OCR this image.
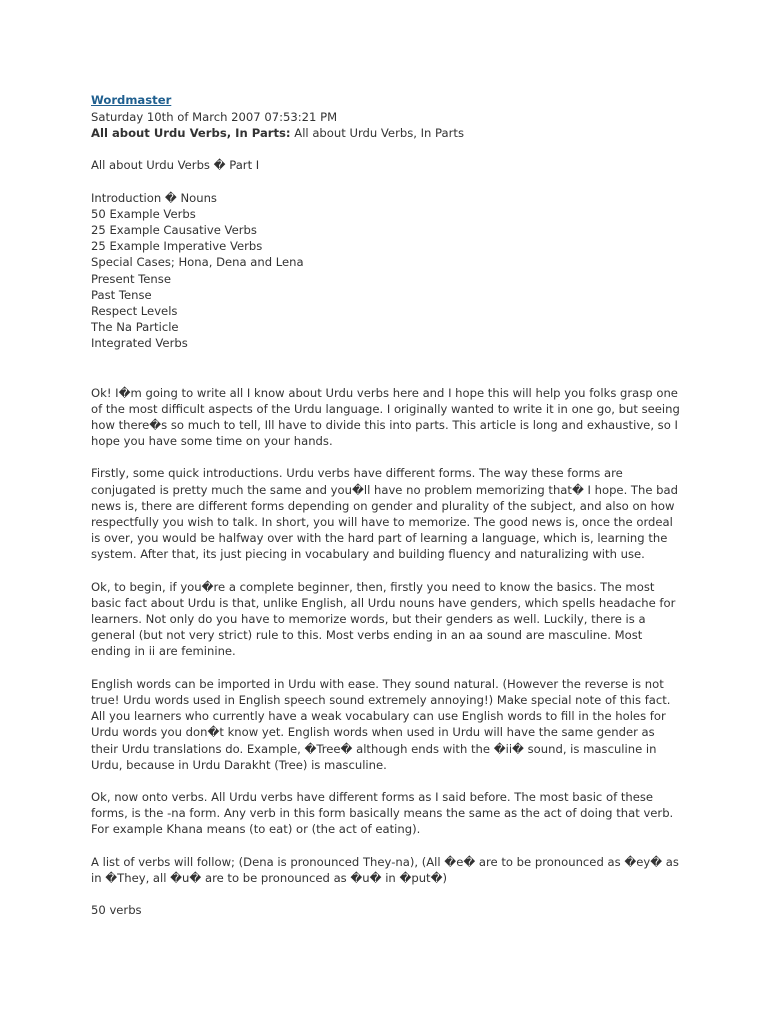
Wordmaster

Saturday 10th of March 2007 07:53:21 PM

All about Urdu Verbs, In Parts: All about Urdu Verbs, In Parts

All about Urdu Verbs � Part I

Introduction � Nouns
50 Example Verbs
25 Example Causative Verbs
25 Example Imperative Verbs
Special Cases; Hona, Dena and Lena
Present Tense
Past Tense
Respect Levels
The Na Particle
Integrated Verbs

Ok! I�m going to write all I know about Urdu verbs here and I hope this will help you folks grasp one of the most difficult aspects of the Urdu language. I originally wanted to write it in one go, but seeing how there�s so much to tell, Ill have to divide this into parts. This article is long and exhaustive, so I hope you have some time on your hands.

Firstly, some quick introductions. Urdu verbs have different forms. The way these forms are conjugated is pretty much the same and you�ll have no problem memorizing that� I hope. The bad news is, there are different forms depending on gender and plurality of the subject, and also on how respectfully you wish to talk. In short, you will have to memorize. The good news is, once the ordeal is over, you would be halfway over with the hard part of learning a language, which is, learning the system. After that, its just piecing in vocabulary and building fluency and naturalizing with use.

Ok, to begin, if you�re a complete beginner, then, firstly you need to know the basics. The most basic fact about Urdu is that, unlike English, all Urdu nouns have genders, which spells headache for learners. Not only do you have to memorize words, but their genders as well. Luckily, there is a general (but not very strict) rule to this. Most verbs ending in an aa sound are masculine. Most ending in ii are feminine.

English words can be imported in Urdu with ease. They sound natural. (However the reverse is not true! Urdu words used in English speech sound extremely annoying!) Make special note of this fact. All you learners who currently have a weak vocabulary can use English words to fill in the holes for Urdu words you don�t know yet. English words when used in Urdu will have the same gender as their Urdu translations do. Example, �Tree� although ends with the �ii� sound, is masculine in Urdu, because in Urdu Darakht (Tree) is masculine.

Ok, now onto verbs. All Urdu verbs have different forms as I said before. The most basic of these forms, is the -na form. Any verb in this form basically means the same as the act of doing that verb. For example Khana means (to eat) or (the act of eating).

A list of verbs will follow; (Dena is pronounced They-na), (All �e� are to be pronounced as �ey� as in �They, all �u� are to be pronounced as �u� in �put�)

50 verbs
